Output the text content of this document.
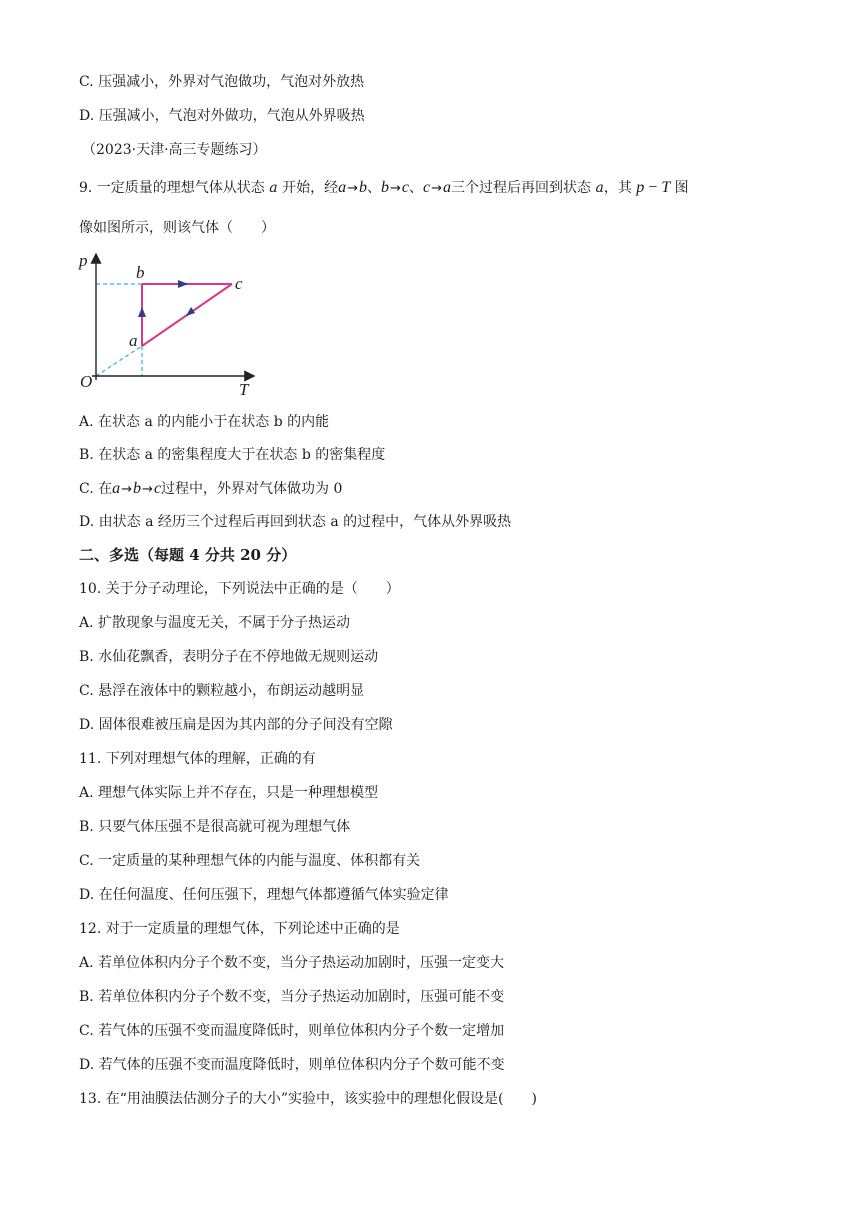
C. 压强减小，外界对气泡做功，气泡对外放热
D. 压强减小，气泡对外做功，气泡从外界吸热
（2023·天津·高三专题练习）
9. 一定质量的理想气体从状态 a 开始，经a→b、b→c、c→a三个过程后再回到状态 a，其 p − T 图
像如图所示，则该气体（　　）
p
b
c
a
O	T
A. 在状态 a 的内能小于在状态 b 的内能
B. 在状态 a 的密集程度大于在状态 b 的密集程度
C. 在a→b→c过程中，外界对气体做功为 0
D. 由状态 a 经历三个过程后再回到状态 a 的过程中，气体从外界吸热
二、多选（每题 4 分共 20 分）
10. 关于分子动理论，下列说法中正确的是（　　）
A. 扩散现象与温度无关，不属于分子热运动
B. 水仙花飘香，表明分子在不停地做无规则运动
C. 悬浮在液体中的颗粒越小，布朗运动越明显
D. 固体很难被压扁是因为其内部的分子间没有空隙
11. 下列对理想气体的理解，正确的有
A. 理想气体实际上并不存在，只是一种理想模型
B. 只要气体压强不是很高就可视为理想气体
C. 一定质量的某种理想气体的内能与温度、体积都有关
D. 在任何温度、任何压强下，理想气体都遵循气体实验定律
12. 对于一定质量的理想气体，下列论述中正确的是
A. 若单位体积内分子个数不变，当分子热运动加剧时，压强一定变大
B. 若单位体积内分子个数不变，当分子热运动加剧时，压强可能不变
C. 若气体的压强不变而温度降低时，则单位体积内分子个数一定增加
D. 若气体的压强不变而温度降低时，则单位体积内分子个数可能不变
13. 在“用油膜法估测分子的大小”实验中，该实验中的理想化假设是(　　)
